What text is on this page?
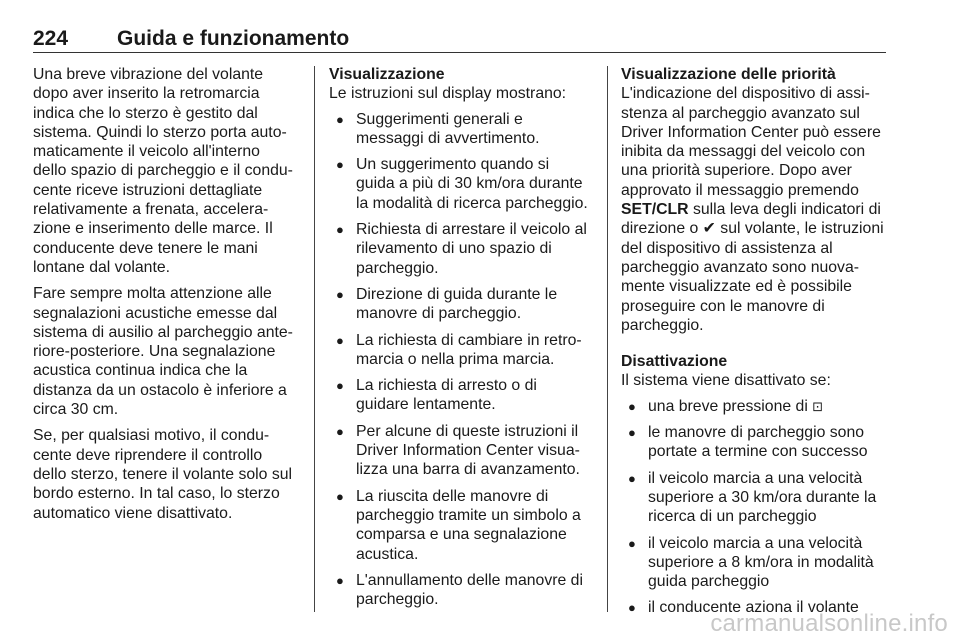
224 Guida e funzionamento

Una breve vibrazione del volante
dopo aver inserito la retromarcia
indica che lo sterzo è gestito dal
sistema. Quindi lo sterzo porta auto-
maticamente il veicolo all'interno
dello spazio di parcheggio e il condu-
cente riceve istruzioni dettagliate
relativamente a frenata, accelera-
zione e inserimento delle marce. Il
conducente deve tenere le mani
lontane dal volante.

Fare sempre molta attenzione alle
segnalazioni acustiche emesse dal
sistema di ausilio al parcheggio ante-
riore-posteriore. Una segnalazione
acustica continua indica che la
distanza da un ostacolo è inferiore a
circa 30 cm.

Se, per qualsiasi motivo, il condu-
cente deve riprendere il controllo
dello sterzo, tenere il volante solo sul
bordo esterno. In tal caso, lo sterzo
automatico viene disattivato.

Visualizzazione

Le istruzioni sul display mostrano:

● Suggerimenti generali e
messaggi di avvertimento.
● Un suggerimento quando si
guida a più di 30 km/ora durante
la modalità di ricerca parcheggio.
● Richiesta di arrestare il veicolo al
rilevamento di uno spazio di
parcheggio.
● Direzione di guida durante le
manovre di parcheggio.
● La richiesta di cambiare in retro-
marcia o nella prima marcia.
● La richiesta di arresto o di
guidare lentamente.
● Per alcune di queste istruzioni il
Driver Information Center visua-
lizza una barra di avanzamento.
● La riuscita delle manovre di
parcheggio tramite un simbolo a
comparsa e una segnalazione
acustica.
● L'annullamento delle manovre di
parcheggio.

Visualizzazione delle priorità

L'indicazione del dispositivo di assi-
stenza al parcheggio avanzato sul
Driver Information Center può essere
inibita da messaggi del veicolo con
una priorità superiore. Dopo aver
approvato il messaggio premendo
SET/CLR sulla leva degli indicatori di
direzione o ✔ sul volante, le istruzioni
del dispositivo di assistenza al
parcheggio avanzato sono nuova-
mente visualizzate ed è possibile
proseguire con le manovre di
parcheggio.

Disattivazione

Il sistema viene disattivato se:

● una breve pressione di ⊡
● le manovre di parcheggio sono
portate a termine con successo
● il veicolo marcia a una velocità
superiore a 30 km/ora durante la
ricerca di un parcheggio
● il veicolo marcia a una velocità
superiore a 8 km/ora in modalità
guida parcheggio
● il conducente aziona il volante
carmanualsonline.info
